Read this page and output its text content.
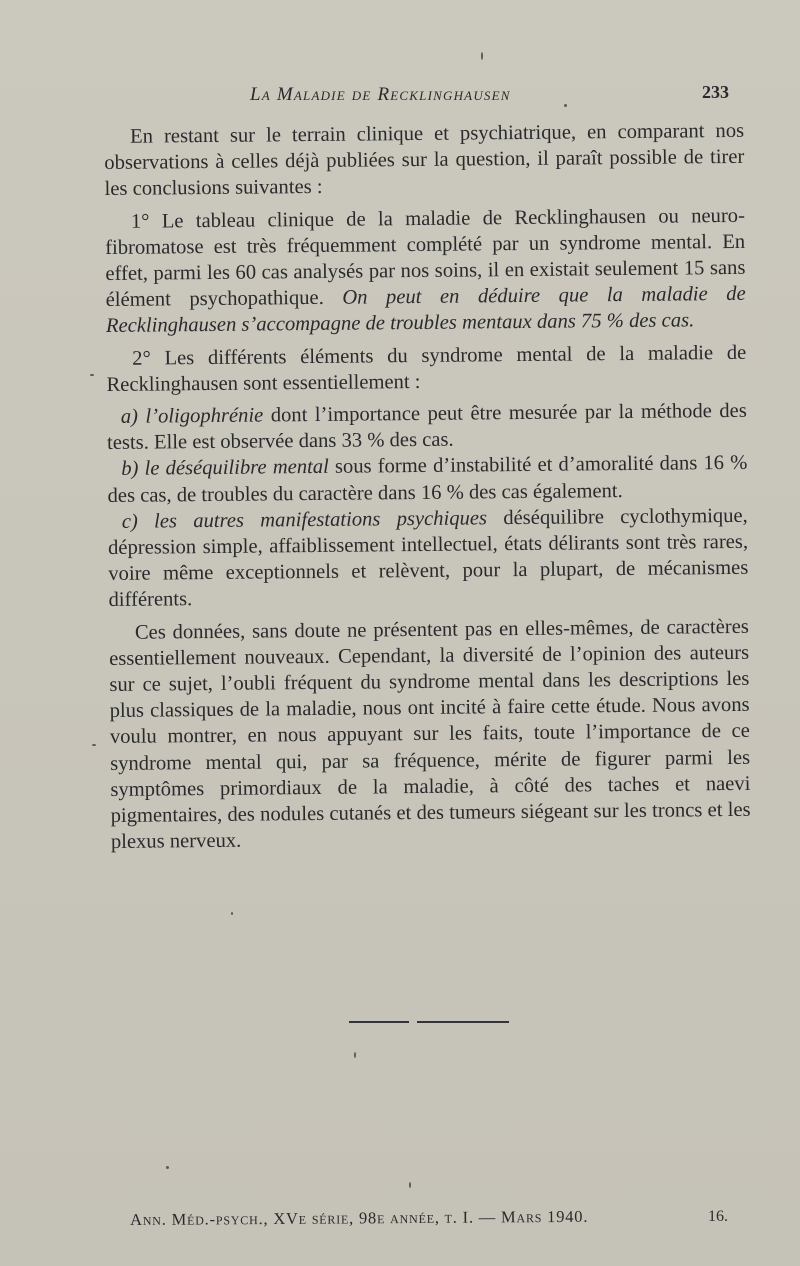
La Maladie de Recklinghausen	233

En restant sur le terrain clinique et psychiatrique, en comparant nos observations à celles déjà publiées sur la question, il paraît possible de tirer les conclusions suivantes :

1° Le tableau clinique de la maladie de Recklinghausen ou neuro-fibromatose est très fréquemment complété par un syndrome mental. En effet, parmi les 60 cas analysés par nos soins, il en existait seulement 15 sans élément psychopathique. On peut en déduire que la maladie de Recklinghausen s’accompagne de troubles mentaux dans 75 % des cas.

2° Les différents éléments du syndrome mental de la maladie de Recklinghausen sont essentiellement :

a) l’oligophrénie dont l’importance peut être mesurée par la méthode des tests. Elle est observée dans 33 % des cas.

b) le déséquilibre mental sous forme d’instabilité et d’amoralité dans 16 % des cas, de troubles du caractère dans 16 % des cas également.

c) les autres manifestations psychiques déséquilibre cyclothymique, dépression simple, affaiblissement intellectuel, états délirants sont très rares, voire même exceptionnels et relèvent, pour la plupart, de mécanismes différents.

Ces données, sans doute ne présentent pas en elles-mêmes, de caractères essentiellement nouveaux. Cependant, la diversité de l’opinion des auteurs sur ce sujet, l’oubli fréquent du syndrome mental dans les descriptions les plus classiques de la maladie, nous ont incité à faire cette étude. Nous avons voulu montrer, en nous appuyant sur les faits, toute l’importance de ce syndrome mental qui, par sa fréquence, mérite de figurer parmi les symptômes primordiaux de la maladie, à côté des taches et naevi pigmentaires, des nodules cutanés et des tumeurs siégeant sur les troncs et les plexus nerveux.

Ann. Méd.-psych., XVe série, 98e année, t. I. — Mars 1940.	16.
